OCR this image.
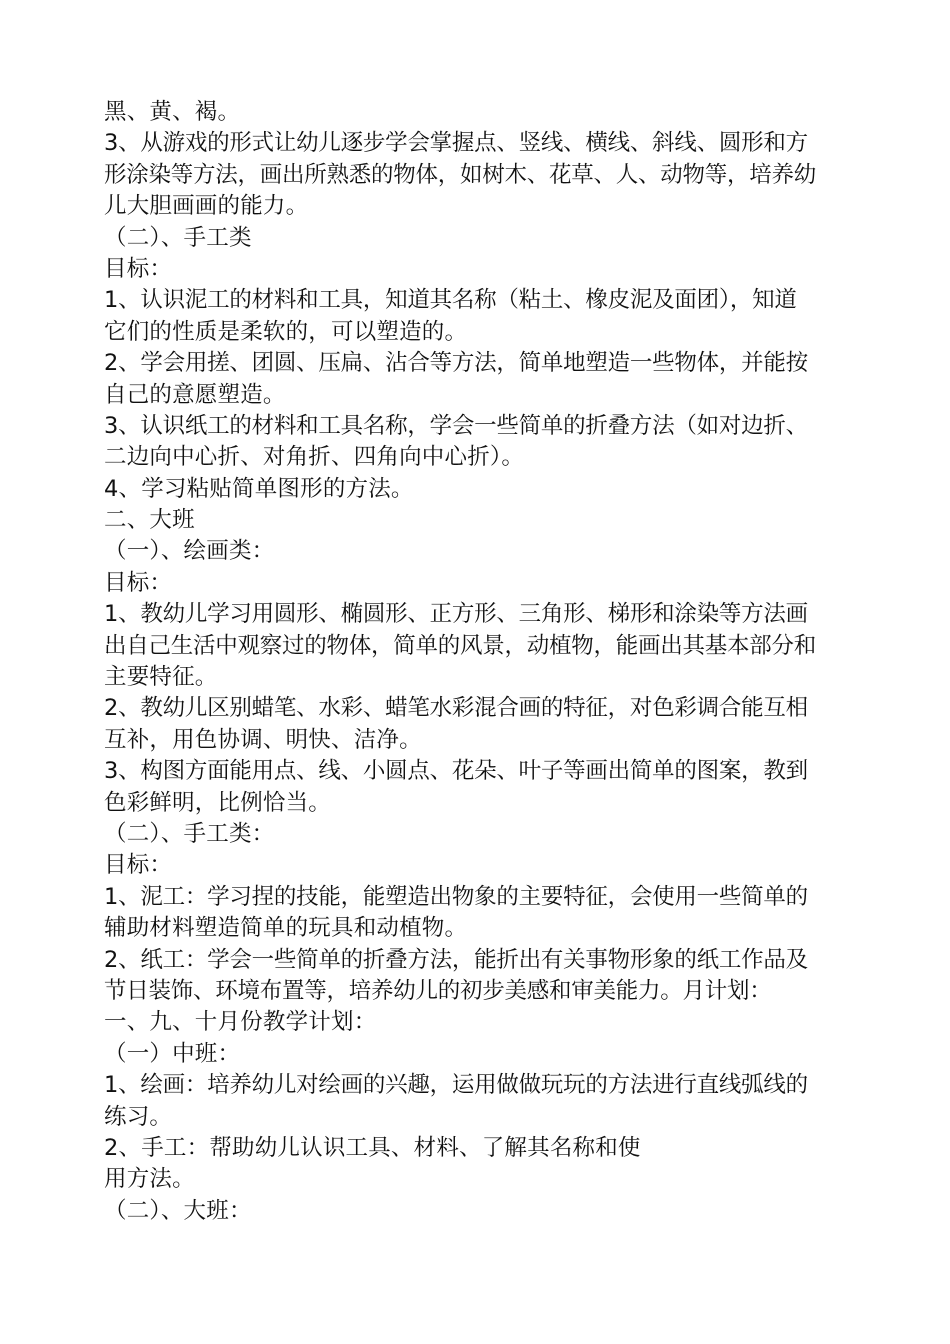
黑、黄、褐。
3、从游戏的形式让幼儿逐步学会掌握点、竖线、横线、斜线、圆形和方
形涂染等方法，画出所熟悉的物体，如树木、花草、人、动物等，培养幼
儿大胆画画的能力。
（二）、手工类
目标：
1、认识泥工的材料和工具，知道其名称（粘土、橡皮泥及面团），知道
它们的性质是柔软的，可以塑造的。
2、学会用搓、团圆、压扁、沾合等方法，简单地塑造一些物体，并能按
自己的意愿塑造。
3、认识纸工的材料和工具名称，学会一些简单的折叠方法（如对边折、
二边向中心折、对角折、四角向中心折）。
4、学习粘贴简单图形的方法。
二、大班
（一）、绘画类：
目标：
1、教幼儿学习用圆形、椭圆形、正方形、三角形、梯形和涂染等方法画
出自己生活中观察过的物体，简单的风景，动植物，能画出其基本部分和
主要特征。
2、教幼儿区别蜡笔、水彩、蜡笔水彩混合画的特征，对色彩调合能互相
互补，用色协调、明快、洁净。
3、构图方面能用点、线、小圆点、花朵、叶子等画出简单的图案，教到
色彩鲜明，比例恰当。
（二）、手工类：
目标：
1、泥工：学习捏的技能，能塑造出物象的主要特征，会使用一些简单的
辅助材料塑造简单的玩具和动植物。
2、纸工：学会一些简单的折叠方法，能折出有关事物形象的纸工作品及
节日装饰、环境布置等，培养幼儿的初步美感和审美能力。月计划：
一、九、十月份教学计划：
（一）中班：
1、绘画：培养幼儿对绘画的兴趣，运用做做玩玩的方法进行直线弧线的
练习。
2、手工：帮助幼儿认识工具、材料、了解其名称和使
用方法。
（二）、大班：
